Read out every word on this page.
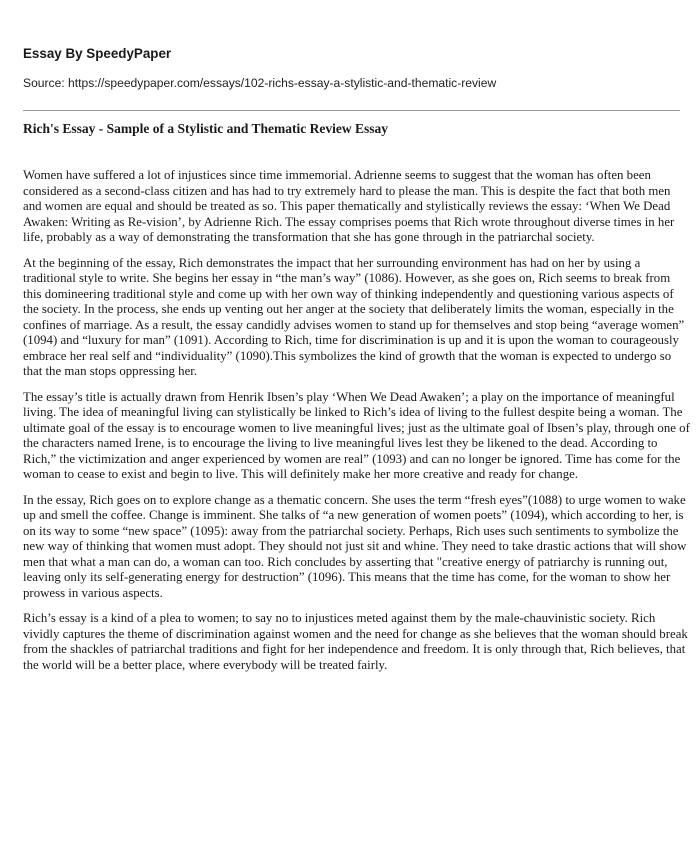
Essay By SpeedyPaper

Source: https://speedypaper.com/essays/102-richs-essay-a-stylistic-and-thematic-review

Rich's Essay - Sample of a Stylistic and Thematic Review Essay

Women have suffered a lot of injustices since time immemorial. Adrienne seems to suggest that the woman has often been considered as a second-class citizen and has had to try extremely hard to please the man. This is despite the fact that both men and women are equal and should be treated as so. This paper thematically and stylistically reviews the essay: ‘When We Dead Awaken: Writing as Re-vision’, by Adrienne Rich. The essay comprises poems that Rich wrote throughout diverse times in her life, probably as a way of demonstrating the transformation that she has gone through in the patriarchal society.

At the beginning of the essay, Rich demonstrates the impact that her surrounding environment has had on her by using a traditional style to write. She begins her essay in “the man’s way” (1086). However, as she goes on, Rich seems to break from this domineering traditional style and come up with her own way of thinking independently and questioning various aspects of the society. In the process, she ends up venting out her anger at the society that deliberately limits the woman, especially in the confines of marriage. As a result, the essay candidly advises women to stand up for themselves and stop being “average women” (1094) and “luxury for man” (1091). According to Rich, time for discrimination is up and it is upon the woman to courageously embrace her real self and “individuality” (1090).This symbolizes the kind of growth that the woman is expected to undergo so that the man stops oppressing her.

The essay’s title is actually drawn from Henrik Ibsen’s play ‘When We Dead Awaken’; a play on the importance of meaningful living. The idea of meaningful living can stylistically be linked to Rich’s idea of living to the fullest despite being a woman. The ultimate goal of the essay is to encourage women to live meaningful lives; just as the ultimate goal of Ibsen’s play, through one of the characters named Irene, is to encourage the living to live meaningful lives lest they be likened to the dead. According to Rich,” the victimization and anger experienced by women are real” (1093) and can no longer be ignored. Time has come for the woman to cease to exist and begin to live. This will definitely make her more creative and ready for change.

In the essay, Rich goes on to explore change as a thematic concern. She uses the term “fresh eyes”(1088) to urge women to wake up and smell the coffee. Change is imminent. She talks of “a new generation of women poets” (1094), which according to her, is on its way to some “new space” (1095): away from the patriarchal society. Perhaps, Rich uses such sentiments to symbolize the new way of thinking that women must adopt. They should not just sit and whine. They need to take drastic actions that will show men that what a man can do, a woman can too. Rich concludes by asserting that "creative energy of patriarchy is running out, leaving only its self-generating energy for destruction” (1096). This means that the time has come, for the woman to show her prowess in various aspects.

Rich’s essay is a kind of a plea to women; to say no to injustices meted against them by the male-chauvinistic society. Rich vividly captures the theme of discrimination against women and the need for change as she believes that the woman should break from the shackles of patriarchal traditions and fight for her independence and freedom. It is only through that, Rich believes, that the world will be a better place, where everybody will be treated fairly.
